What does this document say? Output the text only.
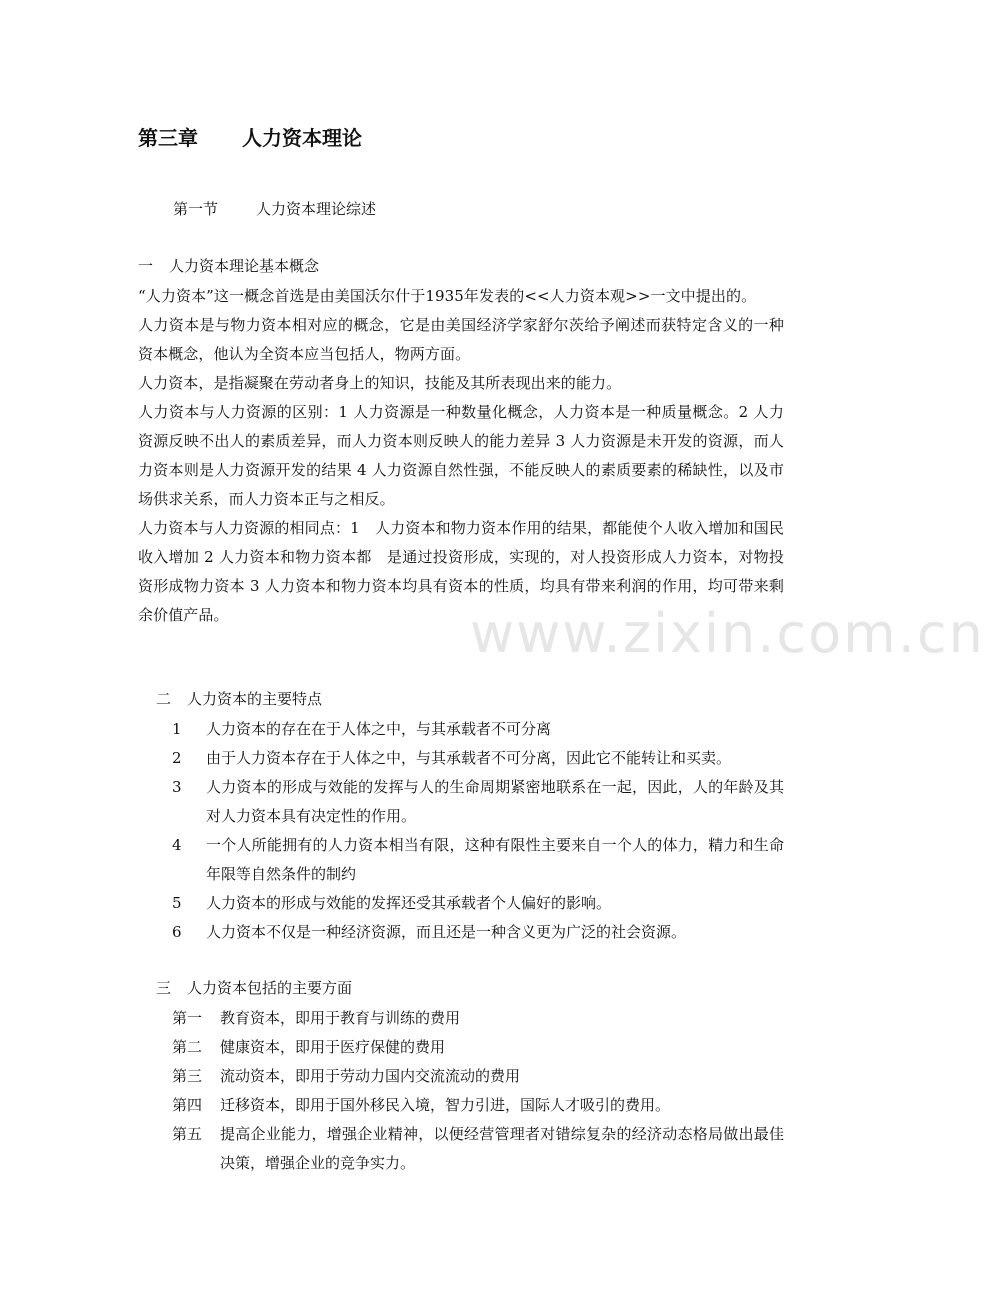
www.zixin.com.cn
第三章 人力资本理论
第一节	人力资本理论综述
一 人力资本理论基本概念

“人力资本”这一概念首选是由美国沃尔什于1935年发表的<<人力资本观>>一文中提出的。

人力资本是与物力资本相对应的概念，它是由美国经济学家舒尔茨给予阐述而获特定含义的一种资本概念，他认为全资本应当包括人，物两方面。

人力资本，是指凝聚在劳动者身上的知识，技能及其所表现出来的能力。

人力资本与人力资源的区别：1 人力资源是一种数量化概念，人力资本是一种质量概念。2 人力资源反映不出人的素质差异，而人力资本则反映人的能力差异 3 人力资源是未开发的资源，而人力资本则是人力资源开发的结果 4 人力资源自然性强，不能反映人的素质要素的稀缺性，以及市场供求关系，而人力资本正与之相反。

人力资本与人力资源的相同点：1　人力资本和物力资本作用的结果，都能使个人收入增加和国民收入增加 2 人力资本和物力资本都　是通过投资形成，实现的，对人投资形成人力资本，对物投资形成物力资本 3 人力资本和物力资本均具有资本的性质，均具有带来利润的作用，均可带来剩余价值产品。

二 人力资本的主要特点
1	人力资本的存在在于人体之中，与其承载者不可分离
2	由于人力资本存在于人体之中，与其承载者不可分离，因此它不能转让和买卖。
3	人力资本的形成与效能的发挥与人的生命周期紧密地联系在一起，因此，人的年龄及其　对人力资本具有决定性的作用。
4	一个人所能拥有的人力资本相当有限，这种有限性主要来自一个人的体力，精力和生命年限等自然条件的制约
5	人力资本的形成与效能的发挥还受其承载者个人偏好的影响。
6	人力资本不仅是一种经济资源，而且还是一种含义更为广泛的社会资源。
三 人力资本包括的主要方面
第一	教育资本，即用于教育与训练的费用
第二	健康资本，即用于医疗保健的费用
第三	流动资本，即用于劳动力国内交流流动的费用
第四	迁移资本，即用于国外移民入境，智力引进，国际人才吸引的费用。
第五	提高企业能力，增强企业精神，以便经营管理者对错综复杂的经济动态格局做出最佳决策，增强企业的竞争实力。
